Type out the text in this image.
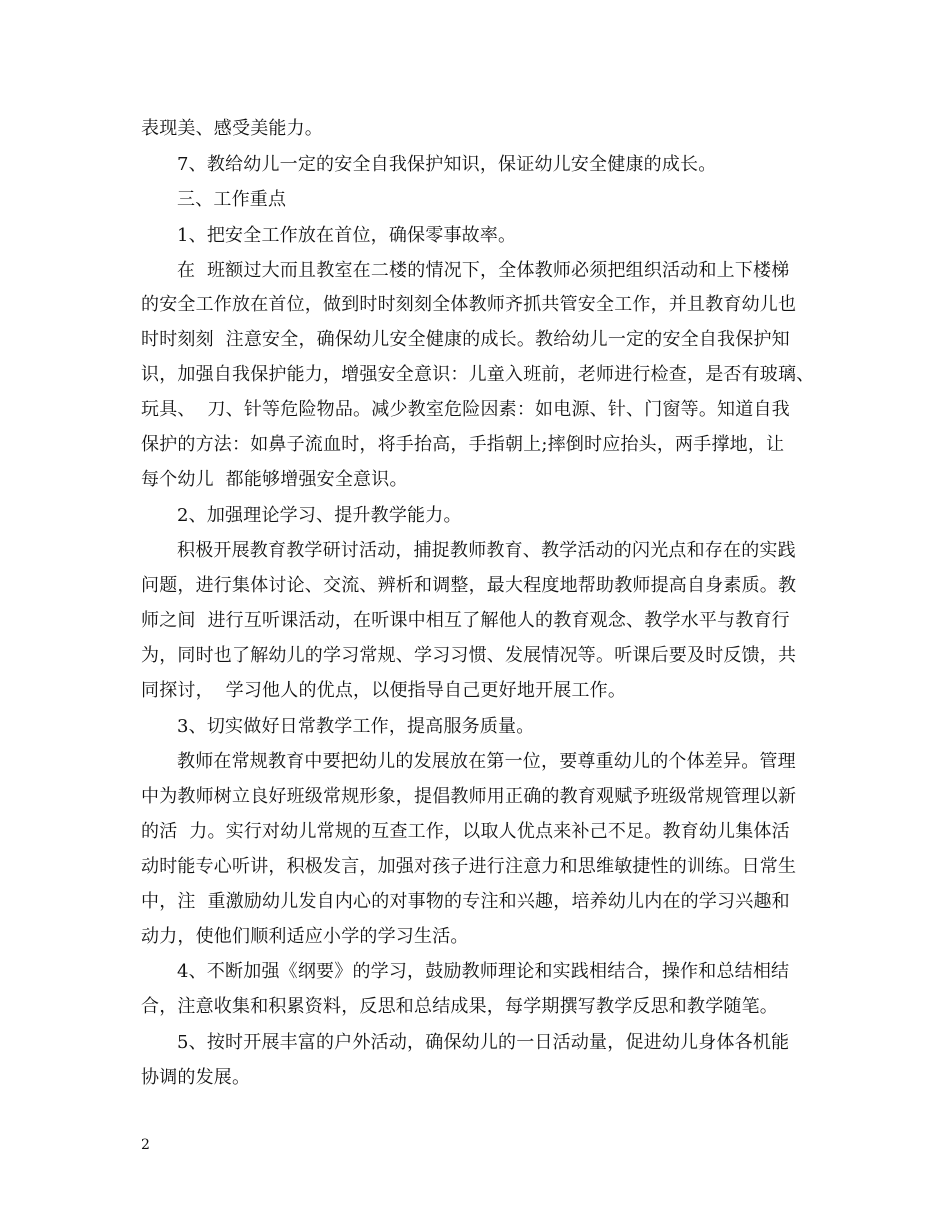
表现美、感受美能力。
7、教给幼儿一定的安全自我保护知识，保证幼儿安全健康的成长。
三、工作重点
1、把安全工作放在首位，确保零事故率。
在  班额过大而且教室在二楼的情况下，全体教师必须把组织活动和上下楼梯
的安全工作放在首位，做到时时刻刻全体教师齐抓共管安全工作，并且教育幼儿也
时时刻刻  注意安全，确保幼儿安全健康的成长。教给幼儿一定的安全自我保护知
识，加强自我保护能力，增强安全意识：儿童入班前，老师进行检查，是否有玻璃、
玩具、  刀、针等危险物品。减少教室危险因素：如电源、针、门窗等。知道自我
保护的方法：如鼻子流血时，将手抬高，手指朝上;摔倒时应抬头，两手撑地，让
每个幼儿  都能够增强安全意识。
2、加强理论学习、提升教学能力。
积极开展教育教学研讨活动，捕捉教师教育、教学活动的闪光点和存在的实践
问题，进行集体讨论、交流、辨析和调整，最大程度地帮助教师提高自身素质。教
师之间  进行互听课活动，在听课中相互了解他人的教育观念、教学水平与教育行
为，同时也了解幼儿的学习常规、学习习惯、发展情况等。听课后要及时反馈，共
同探讨，  学习他人的优点，以便指导自己更好地开展工作。
3、切实做好日常教学工作，提高服务质量。
教师在常规教育中要把幼儿的发展放在第一位，要尊重幼儿的个体差异。管理
中为教师树立良好班级常规形象，提倡教师用正确的教育观赋予班级常规管理以新
的活  力。实行对幼儿常规的互查工作，以取人优点来补己不足。教育幼儿集体活
动时能专心听讲，积极发言，加强对孩子进行注意力和思维敏捷性的训练。日常生
中，注  重激励幼儿发自内心的对事物的专注和兴趣，培养幼儿内在的学习兴趣和
动力，使他们顺利适应小学的学习生活。
4、不断加强《纲要》的学习，鼓励教师理论和实践相结合，操作和总结相结
合，注意收集和积累资料，反思和总结成果，每学期撰写教学反思和教学随笔。
5、按时开展丰富的户外活动，确保幼儿的一日活动量，促进幼儿身体各机能
协调的发展。
2
